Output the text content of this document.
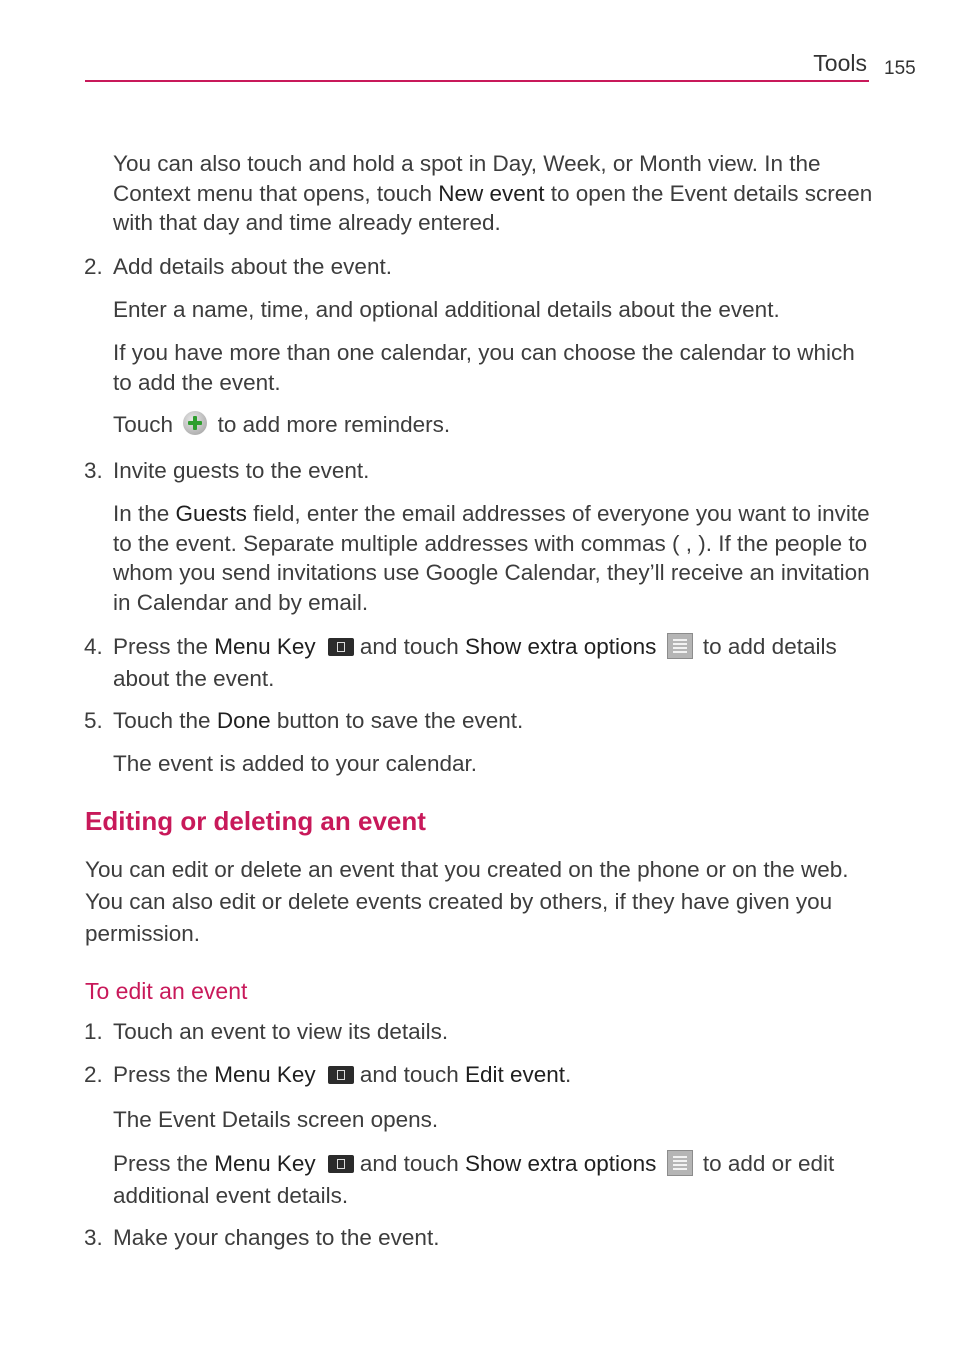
Tools 155
You can also touch and hold a spot in Day, Week, or Month view. In the Context menu that opens, touch New event to open the Event details screen with that day and time already entered.
2. Add details about the event.
Enter a name, time, and optional additional details about the event.
If you have more than one calendar, you can choose the calendar to which to add the event.
Touch to add more reminders.
3. Invite guests to the event.
In the Guests field, enter the email addresses of everyone you want to invite to the event. Separate multiple addresses with commas ( , ). If the people to whom you send invitations use Google Calendar, they’ll receive an invitation in Calendar and by email.
4. Press the Menu Key and touch Show extra options to add details about the event.
5. Touch the Done button to save the event.
The event is added to your calendar.
Editing or deleting an event
You can edit or delete an event that you created on the phone or on the web. You can also edit or delete events created by others, if they have given you permission.
To edit an event
1. Touch an event to view its details.
2. Press the Menu Key and touch Edit event.
The Event Details screen opens.
Press the Menu Key and touch Show extra options to add or edit additional event details.
3. Make your changes to the event.
